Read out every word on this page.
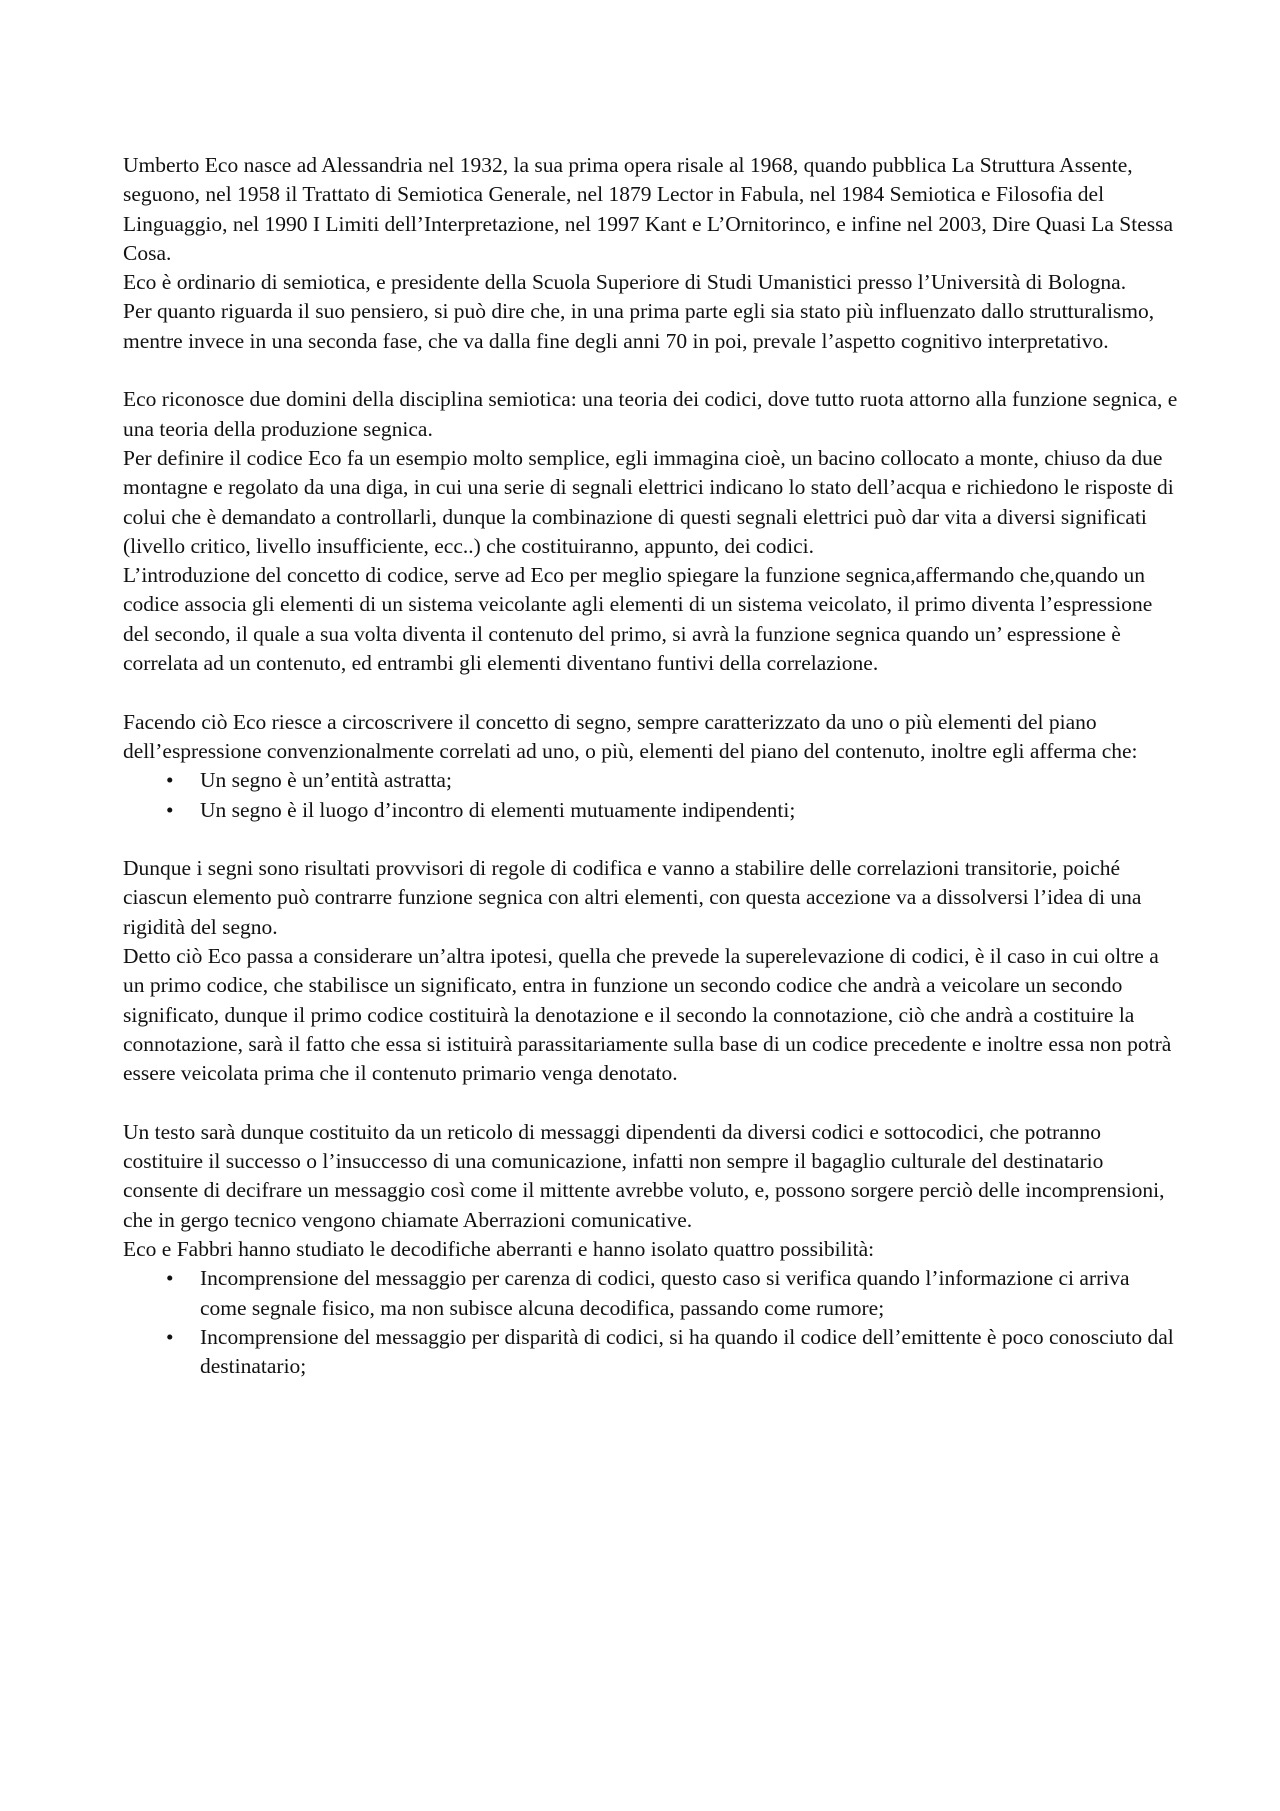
Umberto Eco nasce ad Alessandria nel 1932, la sua prima opera risale al 1968, quando pubblica La Struttura Assente, seguono, nel 1958 il Trattato di Semiotica Generale, nel 1879 Lector in Fabula, nel 1984 Semiotica e Filosofia del Linguaggio, nel 1990 I Limiti dell’Interpretazione, nel 1997 Kant e L’Ornitorinco, e infine nel 2003, Dire Quasi La Stessa Cosa.

Eco è ordinario di semiotica, e presidente della Scuola Superiore di Studi Umanistici presso l’Università di Bologna.

Per quanto riguarda il suo pensiero, si può dire che, in una prima parte egli sia stato più influenzato dallo strutturalismo, mentre invece in una seconda fase, che va dalla fine degli anni 70 in poi, prevale l’aspetto cognitivo interpretativo.

Eco riconosce due domini della disciplina semiotica: una teoria dei codici, dove tutto ruota attorno alla funzione segnica, e una teoria della produzione segnica.

Per definire il codice Eco fa un esempio molto semplice, egli immagina cioè, un bacino collocato a monte, chiuso da due montagne e regolato da una diga, in cui una serie di segnali elettrici indicano lo stato dell’acqua e richiedono le risposte di colui che è demandato a controllarli, dunque la combinazione di questi segnali elettrici può dar vita a diversi significati (livello critico, livello insufficiente, ecc..) che costituiranno, appunto, dei codici.

L’introduzione del concetto di codice, serve ad Eco per meglio spiegare la funzione segnica,affermando che,quando un codice associa gli elementi di un sistema veicolante agli elementi di un sistema veicolato, il primo diventa l’espressione del secondo, il quale a sua volta diventa il contenuto del primo, si avrà la funzione segnica quando un’ espressione è correlata ad un contenuto, ed entrambi gli elementi diventano funtivi della correlazione.

Facendo ciò Eco riesce a circoscrivere il concetto di segno, sempre caratterizzato da uno o più elementi del piano dell’espressione convenzionalmente correlati ad uno, o più, elementi del piano del contenuto, inoltre egli afferma che:

• Un segno è un’entità astratta;
• Un segno è il luogo d’incontro di elementi mutuamente indipendenti;

Dunque i segni sono risultati provvisori di regole di codifica e vanno a stabilire delle correlazioni transitorie, poiché ciascun elemento può contrarre funzione segnica con altri elementi, con questa accezione va a dissolversi l’idea di una rigidità del segno.

Detto ciò Eco passa a considerare un’altra ipotesi, quella che prevede la superelevazione di codici, è il caso in cui oltre a un primo codice, che stabilisce un significato, entra in funzione un secondo codice che andrà a veicolare un secondo significato, dunque il primo codice costituirà la denotazione e il secondo la connotazione, ciò che andrà a costituire la connotazione, sarà il fatto che essa si istituirà parassitariamente sulla base di un codice precedente e inoltre essa non potrà essere veicolata prima che il contenuto primario venga denotato.

Un testo sarà dunque costituito da un reticolo di messaggi dipendenti da diversi codici e sottocodici, che potranno costituire il successo o l’insuccesso di una comunicazione, infatti non sempre il bagaglio culturale del destinatario consente di decifrare un messaggio così come il mittente avrebbe voluto, e, possono sorgere perciò delle incomprensioni, che in gergo tecnico vengono chiamate Aberrazioni comunicative.

Eco e Fabbri hanno studiato le decodifiche aberranti e hanno isolato quattro possibilità:

• Incomprensione del messaggio per carenza di codici, questo caso si verifica quando l’informazione ci arriva come segnale fisico, ma non subisce alcuna decodifica, passando come rumore;
• Incomprensione del messaggio per disparità di codici, si ha quando il codice dell’emittente è poco conosciuto dal destinatario;
